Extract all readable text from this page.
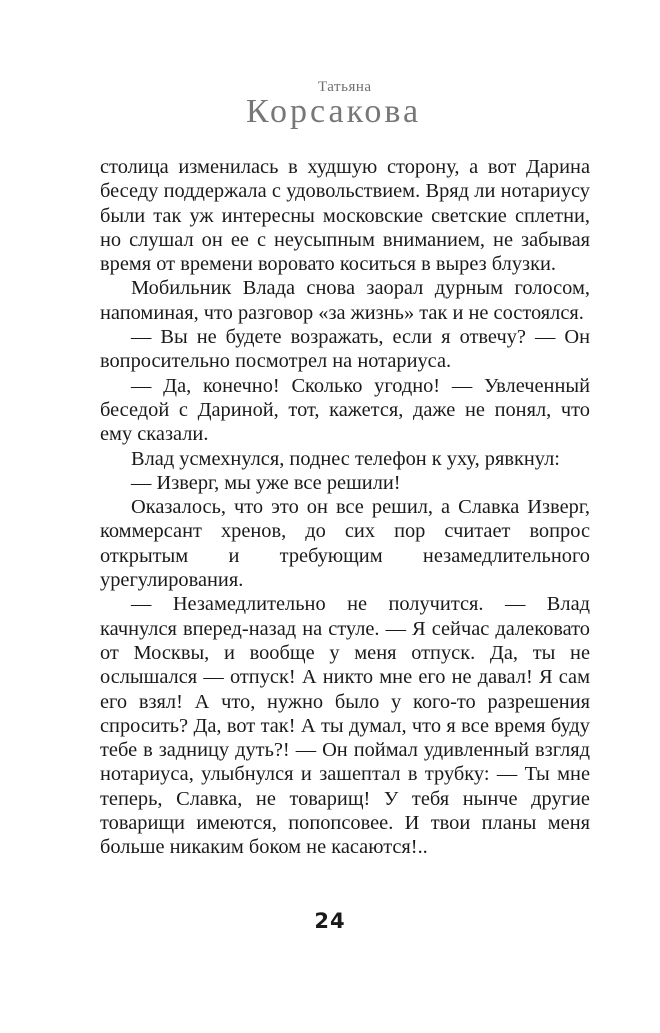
Татьяна
Корсакова

столица изменилась в худшую сторону, а вот Дарина беседу поддержала с удовольствием. Вряд ли нотариусу были так уж интересны московские светские сплетни, но слушал он ее с неусыпным вниманием, не забывая время от времени воровато коситься в вырез блузки.

Мобильник Влада снова заорал дурным голосом, напоминая, что разговор «за жизнь» так и не состоялся.

— Вы не будете возражать, если я отвечу? — Он вопросительно посмотрел на нотариуса.

— Да, конечно! Сколько угодно! — Увлеченный беседой с Дариной, тот, кажется, даже не понял, что ему сказали.

Влад усмехнулся, поднес телефон к уху, рявкнул:

— Изверг, мы уже все решили!

Оказалось, что это он все решил, а Славка Изверг, коммерсант хренов, до сих пор считает вопрос открытым и требующим незамедлительного урегулирования.

— Незамедлительно не получится. — Влад качнулся вперед-назад на стуле. — Я сейчас далековато от Москвы, и вообще у меня отпуск. Да, ты не ослышался — отпуск! А никто мне его не давал! Я сам его взял! А что, нужно было у кого-то разрешения спросить? Да, вот так! А ты думал, что я все время буду тебе в задницу дуть?! — Он поймал удивленный взгляд нотариуса, улыбнулся и зашептал в трубку: — Ты мне теперь, Славка, не товарищ! У тебя нынче другие товарищи имеются, попопсовее. И твои планы меня больше никаким боком не касаются!..

24
